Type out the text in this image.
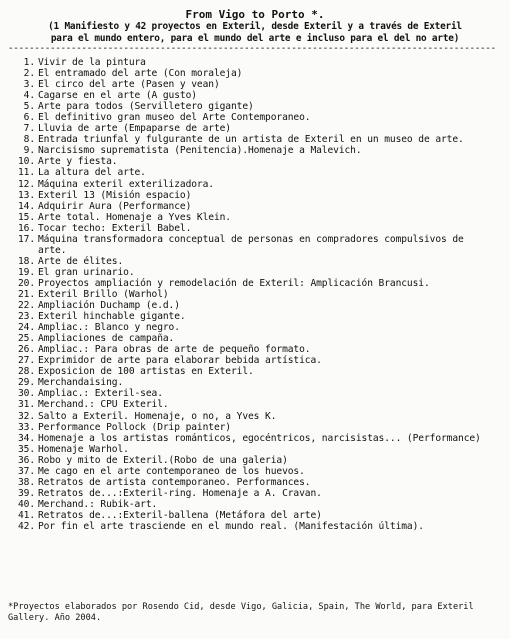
From Vigo to Porto *.

(1 Manifiesto y 42 proyectos en Exteril, desde Exteril y a través de Exteril

para el mundo entero, para el mundo del arte e incluso para el del no arte)

---------------------------------------------------------------------------------------------

1. Vivir de la pintura
2. El entramado del arte (Con moraleja)
3. El circo del arte (Pasen y vean)
4. Cagarse en el arte (A gusto)
5. Arte para todos (Servilletero gigante)
6. El definitivo gran museo del Arte Contemporaneo.
7. Lluvia de arte (Empaparse de arte)
8. Entrada triunfal y fulgurante de un artista de Exteril en un museo de arte.
9. Narcisismo suprematista (Penitencia).Homenaje a Malevich.
10. Arte y fiesta.
11. La altura del arte.
12. Máquina exteril exterilizadora.
13. Exteril 13 (Misión espacio)
14. Adquirir Aura (Performance)
15. Arte total. Homenaje a Yves Klein.
16. Tocar techo: Exteril Babel.
17. Máquina transformadora conceptual de personas en compradores compulsivos de arte.
18. Arte de élites.
19. El gran urinario.
20. Proyectos ampliación y remodelación de Exteril: Amplicación Brancusi.
21. Exteril Brillo (Warhol)
22. Ampliación Duchamp (e.d.)
23. Exteril hinchable gigante.
24. Ampliac.: Blanco y negro.
25. Ampliaciones de campaña.
26. Ampliac.: Para obras de arte de pequeño formato.
27. Exprimidor de arte para elaborar bebida artística.
28. Exposicion de 100 artistas en Exteril.
29. Merchandaising.
30. Ampliac.: Exteril-sea.
31. Merchand.: CPU Exteril.
32. Salto a Exteril. Homenaje, o no, a Yves K.
33. Performance Pollock (Drip painter)
34. Homenaje a los artistas románticos, egocéntricos, narcisistas... (Performance)
35. Homenaje Warhol.
36. Robo y mito de Exteril.(Robo de una galeria)
37. Me cago en el arte contemporaneo de los huevos.
38. Retratos de artista contemporaneo. Performances.
39. Retratos de...:Exteril-ring. Homenaje a A. Cravan.
40. Merchand.: Rubik-art.
41. Retratos de...:Exteril-ballena (Metáfora del arte)
42. Por fin el arte trasciende en el mundo real. (Manifestación última).

*Proyectos elaborados por Rosendo Cid, desde Vigo, Galicia, Spain, The World, para Exteril Gallery. Año 2004.
